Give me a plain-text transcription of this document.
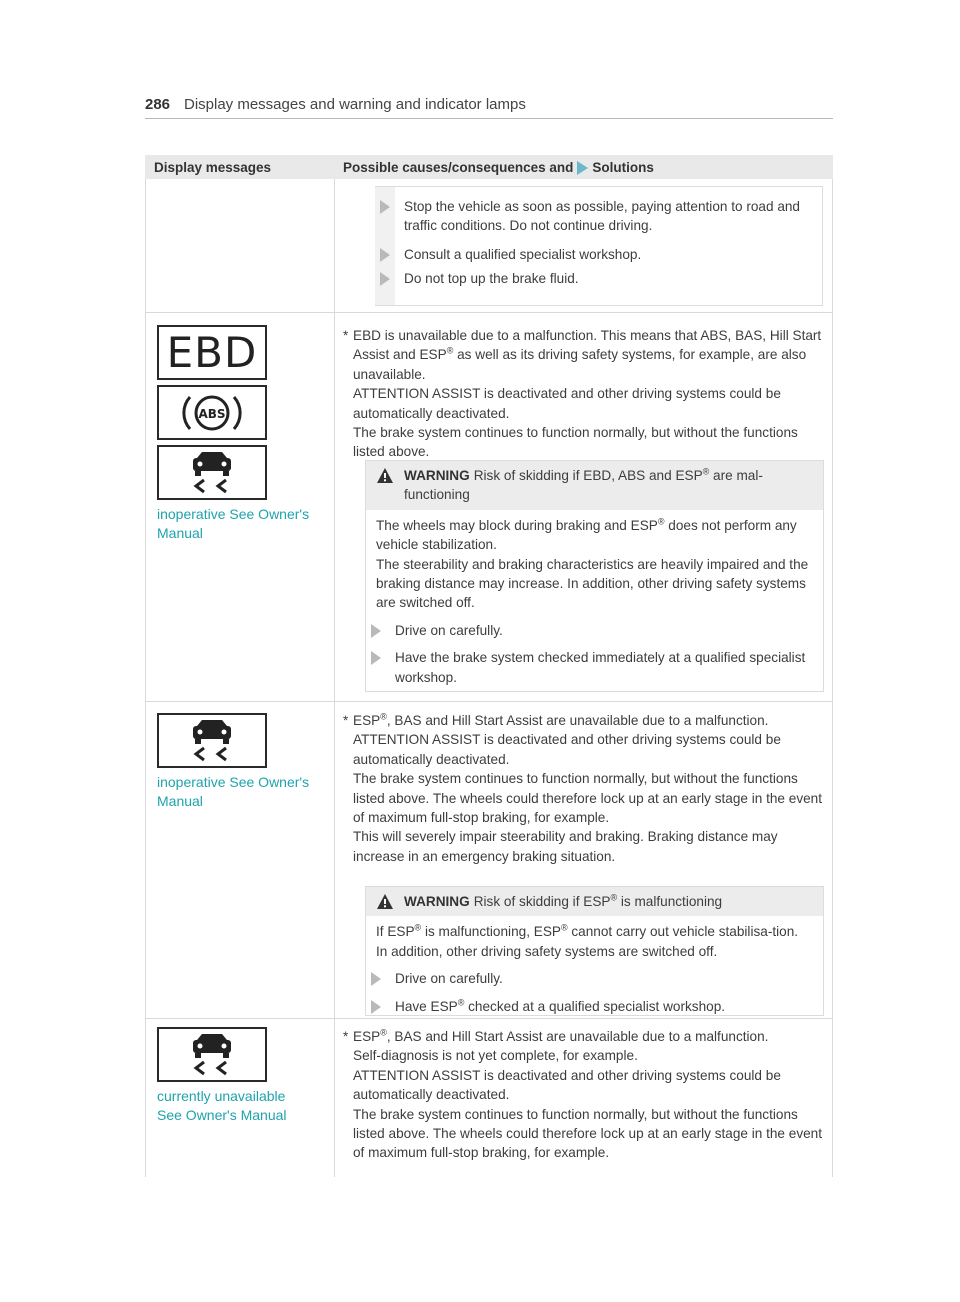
286 Display messages and warning and indicator lamps
Display messages	Possible causes/consequences and Solutions
Stop the vehicle as soon as possible, paying attention to road and traffic conditions. Do not continue driving.
Consult a qualified specialist workshop.
Do not top up the brake fluid.
EBD
ABS
inoperative See Owner's
Manual
* EBD is unavailable due to a malfunction. This means that ABS, BAS, Hill Start Assist and ESP® as well as its driving safety systems, for example, are also unavailable.
ATTENTION ASSIST is deactivated and other driving systems could be automatically deactivated.
The brake system continues to function normally, but without the functions listed above.
WARNING Risk of skidding if EBD, ABS and ESP® are mal-functioning
The wheels may block during braking and ESP® does not perform any vehicle stabilization.
The steerability and braking characteristics are heavily impaired and the braking distance may increase. In addition, other driving safety systems are switched off.
Drive on carefully.
Have the brake system checked immediately at a qualified specialist workshop.
inoperative See Owner's
Manual
* ESP®, BAS and Hill Start Assist are unavailable due to a malfunction.
ATTENTION ASSIST is deactivated and other driving systems could be automatically deactivated.
The brake system continues to function normally, but without the functions listed above. The wheels could therefore lock up at an early stage in the event of maximum full-stop braking, for example.
This will severely impair steerability and braking. Braking distance may increase in an emergency braking situation.
WARNING Risk of skidding if ESP® is malfunctioning
If ESP® is malfunctioning, ESP® cannot carry out vehicle stabilisa-tion. In addition, other driving safety systems are switched off.
Drive on carefully.
Have ESP® checked at a qualified specialist workshop.
currently unavailable
See Owner's Manual
* ESP®, BAS and Hill Start Assist are unavailable due to a malfunction.
Self-diagnosis is not yet complete, for example.
ATTENTION ASSIST is deactivated and other driving systems could be automatically deactivated.
The brake system continues to function normally, but without the functions listed above. The wheels could therefore lock up at an early stage in the event of maximum full-stop braking, for example.
